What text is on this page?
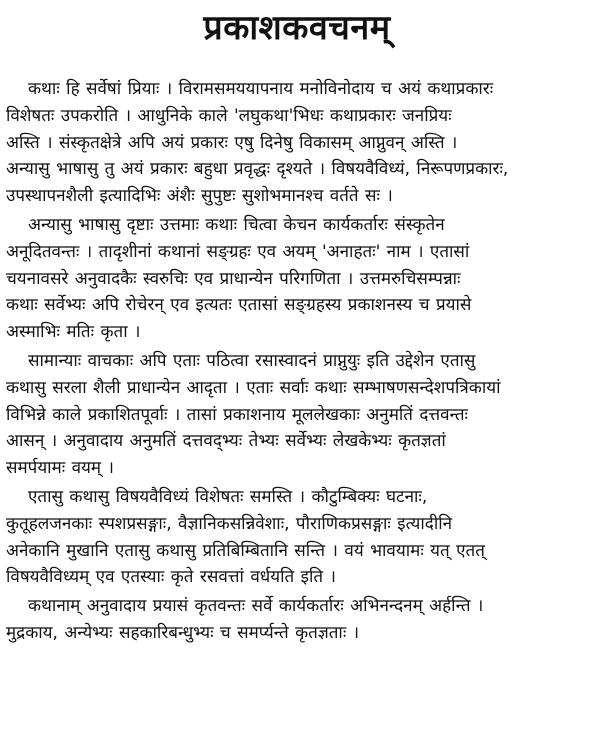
प्रकाशकवचनम्

कथाः हि सर्वेषां प्रियाः । विरामसमययापनाय मनोविनोदाय च अयं कथाप्रकारः
विशेषतः उपकरोति । आधुनिके काले 'लघुकथा'भिधः कथाप्रकारः जनप्रियः
अस्ति । संस्कृतक्षेत्रे अपि अयं प्रकारः एषु दिनेषु विकासम् आप्नुवन् अस्ति ।
अन्यासु भाषासु तु अयं प्रकारः बहुधा प्रवृद्धः दृश्यते । विषयवैविध्यं, निरूपणप्रकारः,
उपस्थापनशैली इत्यादिभिः अंशैः सुपुष्टः सुशोभमानश्च वर्तते सः ।

अन्यासु भाषासु दृष्टाः उत्तमाः कथाः चित्वा केचन कार्यकर्तारः संस्कृतेन
अनूदितवन्तः । तादृशीनां कथानां सङ्ग्रहः एव अयम् 'अनाहतः' नाम । एतासां
चयनावसरे अनुवादकैः स्वरुचिः एव प्राधान्येन परिगणिता । उत्तमरुचिसम्पन्नाः
कथाः सर्वेभ्यः अपि रोचेरन् एव इत्यतः एतासां सङ्ग्रहस्य प्रकाशनस्य च प्रयासे
अस्माभिः मतिः कृता ।

सामान्याः वाचकाः अपि एताः पठित्वा रसास्वादनं प्राप्नुयुः इति उद्देशेन एतासु
कथासु सरला शैली प्राधान्येन आदृता । एताः सर्वाः कथाः सम्भाषणसन्देशपत्रिकायां
विभिन्ने काले प्रकाशितपूर्वाः । तासां प्रकाशनाय मूललेखकाः अनुमतिं दत्तवन्तः
आसन् । अनुवादाय अनुमतिं दत्तवद्भ्यः तेभ्यः सर्वेभ्यः लेखकेभ्यः कृतज्ञतां
समर्पयामः वयम् ।

एतासु कथासु विषयवैविध्यं विशेषतः समस्ति । कौटुम्बिक्यः घटनाः,
कुतूहलजनकाः स्पशप्रसङ्गाः, वैज्ञानिकसन्निवेशाः, पौराणिकप्रसङ्गाः इत्यादीनि
अनेकानि मुखानि एतासु कथासु प्रतिबिम्बितानि सन्ति । वयं भावयामः यत् एतत्
विषयवैविध्यम् एव एतस्याः कृते रसवत्तां वर्धयति इति ।

कथानाम् अनुवादाय प्रयासं कृतवन्तः सर्वे कार्यकर्तारः अभिनन्दनम् अर्हन्ति ।
मुद्रकाय, अन्येभ्यः सहकारिबन्धुभ्यः च समर्प्यन्ते कृतज्ञताः ।
